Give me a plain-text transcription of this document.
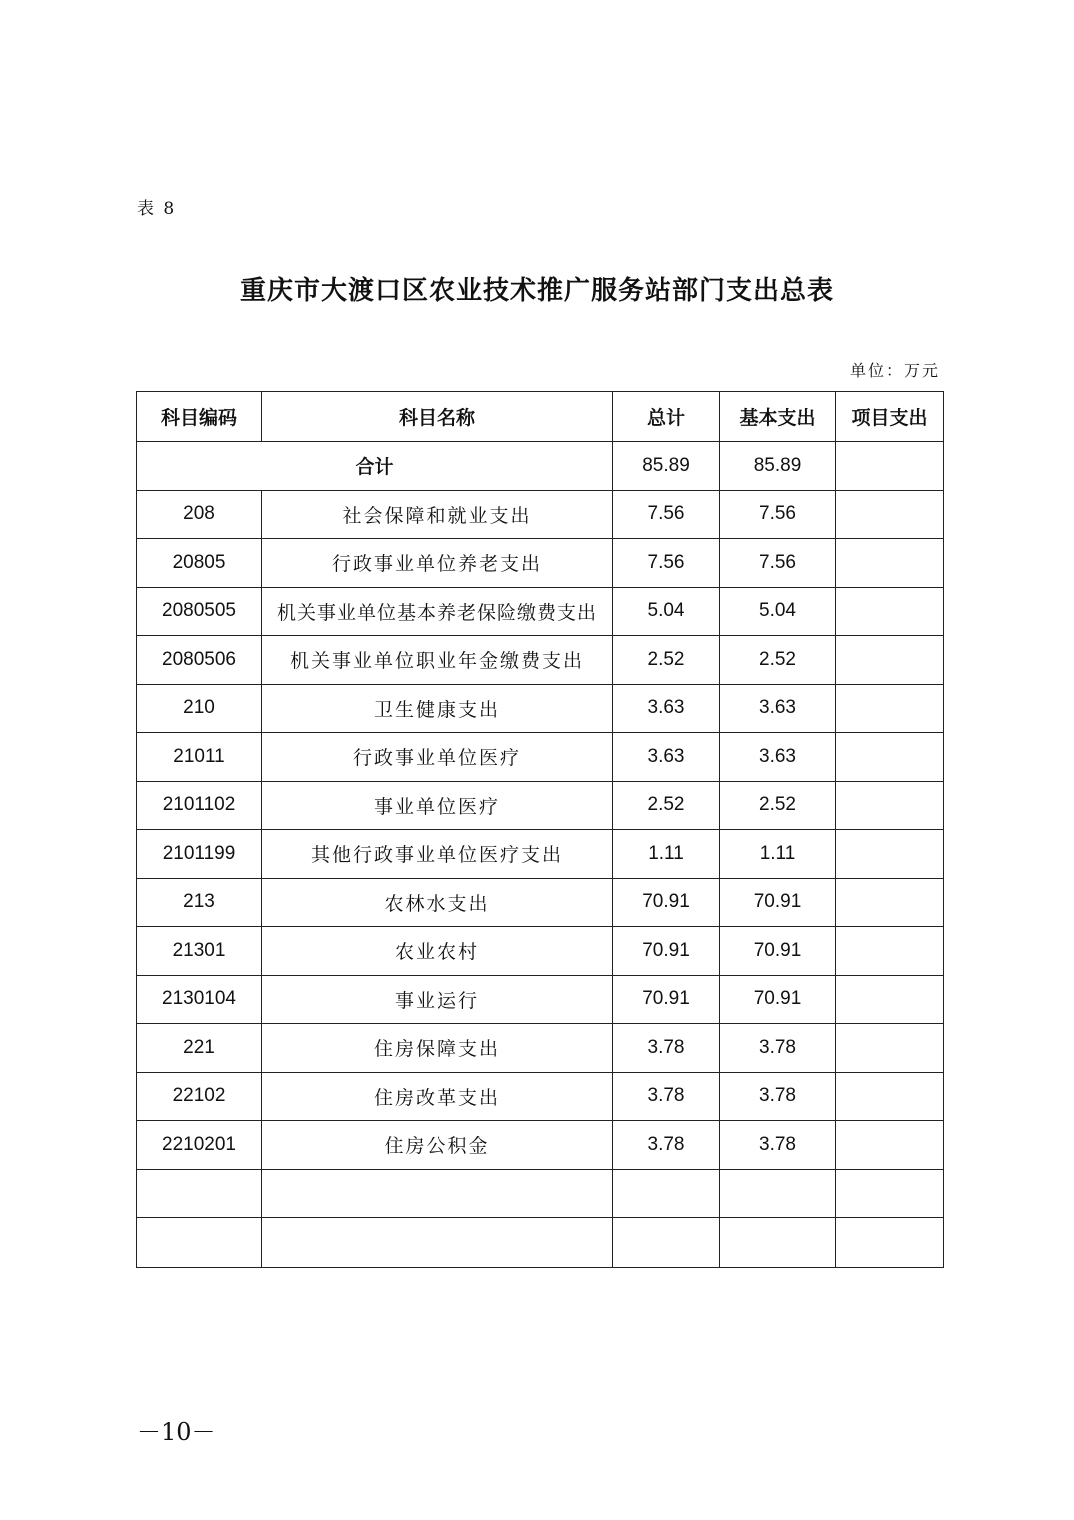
表 8
重庆市大渡口区农业技术推广服务站部门支出总表
单位：万元
科目编码	科目名称	总计	基本支出	项目支出
合计		85.89	85.89	
208	社会保障和就业支出	7.56	7.56	
20805	行政事业单位养老支出	7.56	7.56	
2080505	机关事业单位基本养老保险缴费支出	5.04	5.04	
2080506	机关事业单位职业年金缴费支出	2.52	2.52	
210	卫生健康支出	3.63	3.63	
21011	行政事业单位医疗	3.63	3.63	
2101102	事业单位医疗	2.52	2.52	
2101199	其他行政事业单位医疗支出	1.11	1.11	
213	农林水支出	70.91	70.91	
21301	农业农村	70.91	70.91	
2130104	事业运行	70.91	70.91	
221	住房保障支出	3.78	3.78	
22102	住房改革支出	3.78	3.78	
2210201	住房公积金	3.78	3.78	

－10－
